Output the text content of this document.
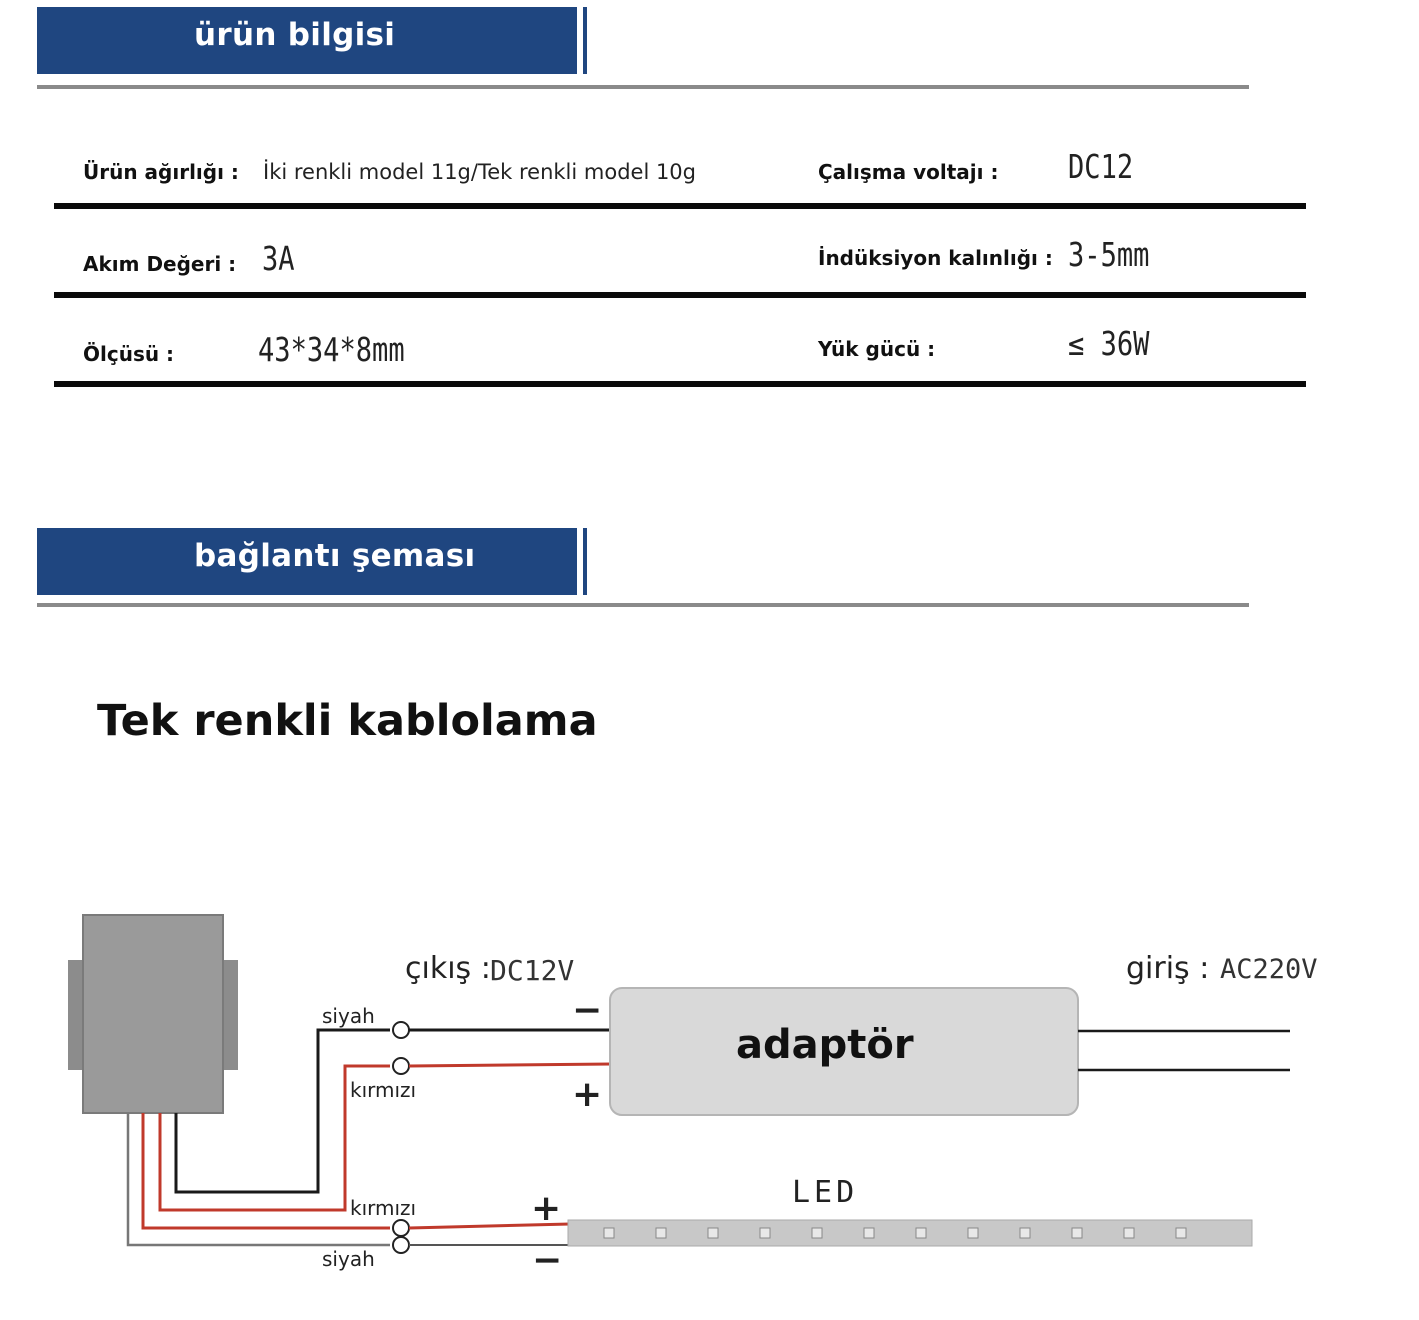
ürün bilgisi
Ürün ağırlığı : İki renkli model 11g/Tek renkli model 10g	Çalışma voltajı : DC12
Akım Değeri : 3A	İndüksiyon kalınlığı : 3-5mm
Ölçüsü :	43*34*8mm	Yük gücü :	≤ 36W
bağlantı şeması
Tek renkli kablolama
çıkış : DC12V	giriş : AC220V
adaptör
LED
siyah
kırmızı
kırmızı
siyah
−
+
+
−
